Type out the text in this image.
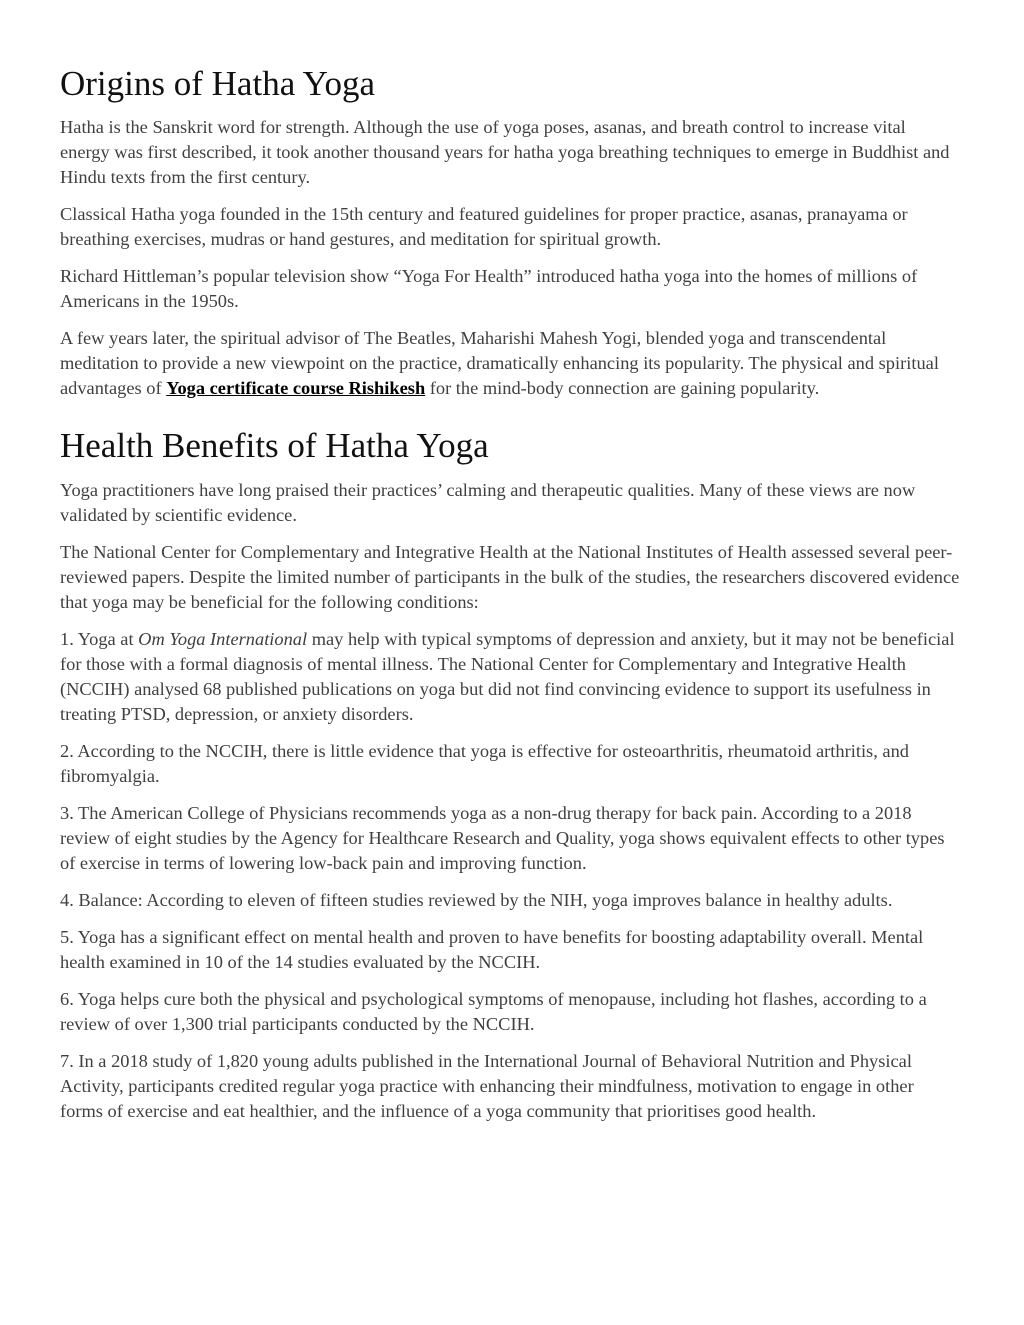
Origins of Hatha Yoga

Hatha is the Sanskrit word for strength. Although the use of yoga poses, asanas, and breath control to increase vital energy was first described, it took another thousand years for hatha yoga breathing techniques to emerge in Buddhist and Hindu texts from the first century.

Classical Hatha yoga founded in the 15th century and featured guidelines for proper practice, asanas, pranayama or breathing exercises, mudras or hand gestures, and meditation for spiritual growth.

Richard Hittleman’s popular television show “Yoga For Health” introduced hatha yoga into the homes of millions of Americans in the 1950s.

A few years later, the spiritual advisor of The Beatles, Maharishi Mahesh Yogi, blended yoga and transcendental meditation to provide a new viewpoint on the practice, dramatically enhancing its popularity. The physical and spiritual advantages of Yoga certificate course Rishikesh for the mind-body connection are gaining popularity.

Health Benefits of Hatha Yoga

Yoga practitioners have long praised their practices’ calming and therapeutic qualities. Many of these views are now validated by scientific evidence.

The National Center for Complementary and Integrative Health at the National Institutes of Health assessed several peer-reviewed papers. Despite the limited number of participants in the bulk of the studies, the researchers discovered evidence that yoga may be beneficial for the following conditions:

1. Yoga at Om Yoga International may help with typical symptoms of depression and anxiety, but it may not be beneficial for those with a formal diagnosis of mental illness. The National Center for Complementary and Integrative Health (NCCIH) analysed 68 published publications on yoga but did not find convincing evidence to support its usefulness in treating PTSD, depression, or anxiety disorders.

2. According to the NCCIH, there is little evidence that yoga is effective for osteoarthritis, rheumatoid arthritis, and fibromyalgia.

3. The American College of Physicians recommends yoga as a non-drug therapy for back pain. According to a 2018 review of eight studies by the Agency for Healthcare Research and Quality, yoga shows equivalent effects to other types of exercise in terms of lowering low-back pain and improving function.

4. Balance: According to eleven of fifteen studies reviewed by the NIH, yoga improves balance in healthy adults.

5. Yoga has a significant effect on mental health and proven to have benefits for boosting adaptability overall. Mental health examined in 10 of the 14 studies evaluated by the NCCIH.

6. Yoga helps cure both the physical and psychological symptoms of menopause, including hot flashes, according to a review of over 1,300 trial participants conducted by the NCCIH.

7. In a 2018 study of 1,820 young adults published in the International Journal of Behavioral Nutrition and Physical Activity, participants credited regular yoga practice with enhancing their mindfulness, motivation to engage in other forms of exercise and eat healthier, and the influence of a yoga community that prioritises good health.
